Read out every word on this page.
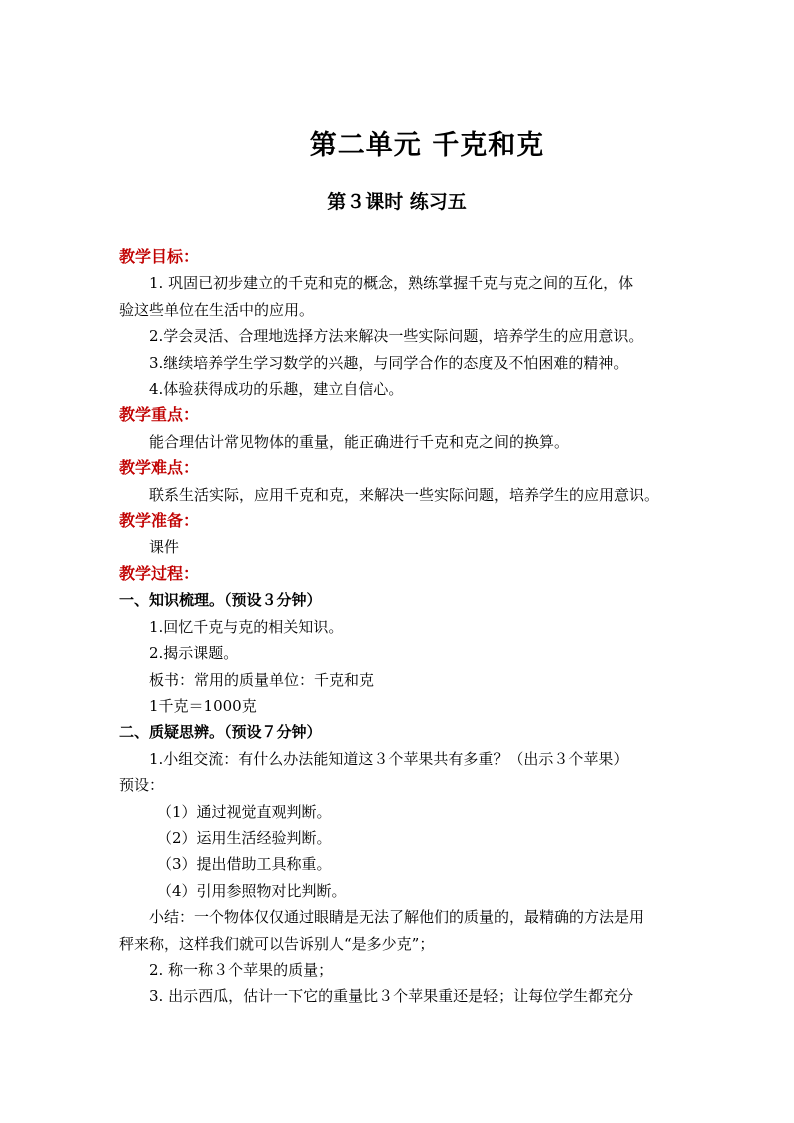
第二单元 千克和克
第３课时 练习五
教学目标：
1. 巩固已初步建立的千克和克的概念，熟练掌握千克与克之间的互化，体
验这些单位在生活中的应用。
2.学会灵活、合理地选择方法来解决一些实际问题，培养学生的应用意识。
3.继续培养学生学习数学的兴趣，与同学合作的态度及不怕困难的精神。
4.体验获得成功的乐趣，建立自信心。
教学重点：
能合理估计常见物体的重量，能正确进行千克和克之间的换算。
教学难点：
联系生活实际，应用千克和克，来解决一些实际问题，培养学生的应用意识。
教学准备：
课件
教学过程：
一、知识梳理。（预设３分钟）
1.回忆千克与克的相关知识。
2.揭示课题。
板书：常用的质量单位：千克和克
1千克＝1000克
二、质疑思辨。（预设７分钟）
1.小组交流：有什么办法能知道这３个苹果共有多重？（出示３个苹果）
预设：
（1）通过视觉直观判断。
（2）运用生活经验判断。
（3）提出借助工具称重。
（4）引用参照物对比判断。
小结：一个物体仅仅通过眼睛是无法了解他们的质量的，最精确的方法是用
秤来称，这样我们就可以告诉别人“是多少克”；
2. 称一称３个苹果的质量；
3. 出示西瓜，估计一下它的重量比３个苹果重还是轻；让每位学生都充分
